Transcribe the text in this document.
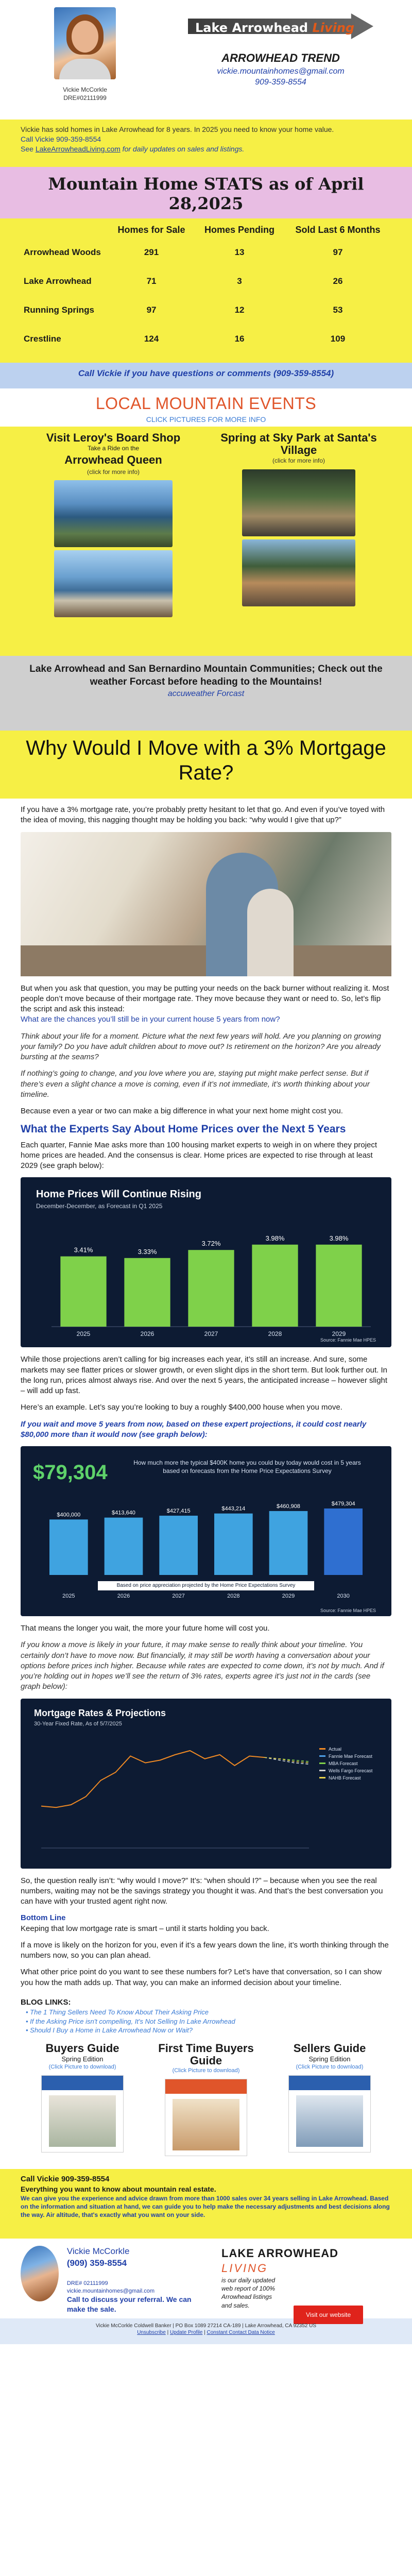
Vickie McCorkle
DRE#02111999
Lake Arrowhead Living
ARROWHEAD TREND
vickie.mountainhomes@gmail.com
909-359-8554

Vickie has sold homes in Lake Arrowhead for 8 years. In 2025 you need to know your home value.

Call Vickie 909-359-8554

See LakeArrowheadLiving.com for daily updates on sales and listings.

Mountain Home STATS as of April 28,2025
	Homes for Sale	Homes Pending	Sold Last 6 Months
Arrowhead Woods	291	13	97
Lake Arrowhead	71	3	26
Running Springs	97	12	53
Crestline	124	16	109
Call Vickie if you have questions or comments (909-359-8554)
LOCAL MOUNTAIN EVENTS
CLICK PICTURES FOR MORE INFO
Visit Leroy's Board Shop
Take a Ride on the
Arrowhead Queen
(click for more info)
Spring at Sky Park at Santa's Village
(click for more info)
Lake Arrowhead and San Bernardino Mountain Communities; Check out the weather Forcast before heading to the Mountains!
accuweather Forcast
Why Would I Move with a 3% Mortgage Rate?

If you have a 3% mortgage rate, you’re probably pretty hesitant to let that go. And even if you’ve toyed with the idea of moving, this nagging thought may be holding you back: “why would I give that up?”

But when you ask that question, you may be putting your needs on the back burner without realizing it. Most people don’t move because of their mortgage rate. They move because they want or need to. So, let’s flip the script and ask this instead:
What are the chances you’ll still be in your current house 5 years from now?

Think about your life for a moment. Picture what the next few years will hold. Are you planning on growing your family? Do you have adult children about to move out? Is retirement on the horizon? Are you already bursting at the seams?

If nothing’s going to change, and you love where you are, staying put might make perfect sense. But if there’s even a slight chance a move is coming, even if it’s not immediate, it’s worth thinking about your timeline.

Because even a year or two can make a big difference in what your next home might cost you.

What the Experts Say About Home Prices over the Next 5 Years

Each quarter, Fannie Mae asks more than 100 housing market experts to weigh in on where they project home prices are headed. And the consensus is clear. Home prices are expected to rise through at least 2029 (see graph below):

Home Prices Will Continue Rising
December-December, as Forecast in Q1 2025
3.41%
2025
3.33%
2026
3.72%
2027
3.98%
2028
3.98%
2029
Source: Fannie Mae HPES

While those projections aren’t calling for big increases each year, it’s still an increase. And sure, some markets may see flatter prices or slower growth, or even slight dips in the short term. But look further out. In the long run, prices almost always rise. And over the next 5 years, the anticipated increase – however slight – will add up fast.

Here’s an example. Let’s say you’re looking to buy a roughly $400,000 house when you move.

If you wait and move 5 years from now, based on these expert projections, it could cost nearly $80,000 more than it would now (see graph below):

$79,304	How much more the typical $400K home you could buy today would cost in 5 years based on forecasts from the Home Price Expectations Survey
$400,000
2025
$413,640
2026
$427,415
2027
$443,214
2028
$460,908
2029
$479,304
2030
Source: Fannie Mae HPES
Based on price appreciation projected by the Home Price Expectations Survey

That means the longer you wait, the more your future home will cost you.

If you know a move is likely in your future, it may make sense to really think about your timeline. You certainly don’t have to move now. But financially, it may still be worth having a conversation about your options before prices inch higher. Because while rates are expected to come down, it’s not by much. And if you’re holding out in hopes we’ll see the return of 3% rates, experts agree it’s just not in the cards (see graph below):

Mortgage Rates & Projections
30-Year Fixed Rate, As of 5/7/2025
Actual
Fannie Mae Forecast
MBA Forecast
Wells Fargo Forecast
NAHB Forecast

So, the question really isn’t: “why would I move?” It’s: “when should I?” – because when you see the real numbers, waiting may not be the savings strategy you thought it was. And that’s the best conversation you can have with your trusted agent right now.

Bottom Line
Keeping that low mortgage rate is smart – until it starts holding you back.

If a move is likely on the horizon for you, even if it’s a few years down the line, it’s worth thinking through the numbers now, so you can plan ahead.

What other price point do you want to see these numbers for? Let’s have that conversation, so I can show you how the math adds up. That way, you can make an informed decision about your timeline.

BLOG LINKS:
• The 1 Thing Sellers Need To Know About Their Asking Price
• If the Asking Price isn't compelling, It's Not Selling In Lake Arrowhead
• Should I Buy a Home in Lake Arrowhead Now or Wait?
Buyers Guide
Spring Edition
(Click Picture to download)
First Time Buyers Guide
(Click Picture to download)
Sellers Guide
Spring Edition
(Click Picture to download)
Call Vickie 909-359-8554
Everything you want to know about mountain real estate.

We can give you the experience and advice drawn from more than 1000 sales over 34 years selling in Lake Arrowhead. Based on the information and situation at hand, we can guide you to help make the necessary adjustments and best decisions along the way. Air altitude, that's exactly what you want on your side.

Vickie McCorkle
(909) 359-8554

DRE# 02111999
vickie.mountainhomes@gmail.com
Call to discuss your referral. We can make the sale.
LAKE ARROWHEAD
LIVING
is our daily updated web report of 100% Arrowhead listings and sales.
Visit our website
Vickie McCorkle Coldwell Banker | PO Box 1089 27214 CA-189 | Lake Arrowhead, CA 92352 US
Unsubscribe | Update Profile | Constant Contact Data Notice
